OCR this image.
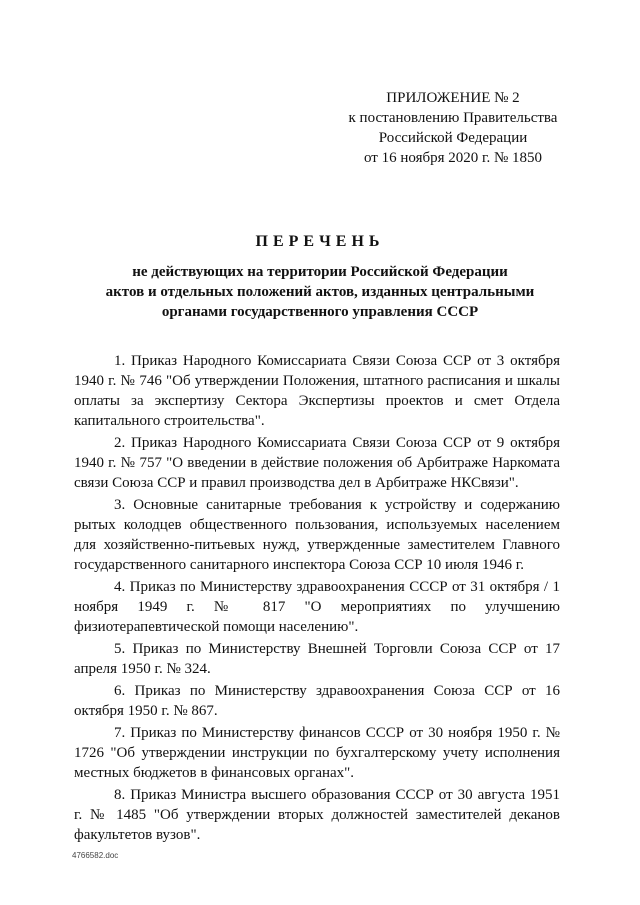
ПРИЛОЖЕНИЕ № 2
к постановлению Правительства
Российской Федерации
от 16 ноября 2020 г. № 1850
ПЕРЕЧЕНЬ
не действующих на территории Российской Федерации
актов и отдельных положений актов, изданных центральными
органами государственного управления СССР

1. Приказ Народного Комиссариата Связи Союза ССР от 3 октября 1940 г. № 746 "Об утверждении Положения, штатного расписания и шкалы оплаты за экспертизу Сектора Экспертизы проектов и смет Отдела капитального строительства".

2. Приказ Народного Комиссариата Связи Союза ССР от 9 октября 1940 г. № 757 "О введении в действие положения об Арбитраже Наркомата связи Союза ССР и правил производства дел в Арбитраже НКСвязи".

3. Основные санитарные требования к устройству и содержанию рытых колодцев общественного пользования, используемых населением для хозяйственно-питьевых нужд, утвержденные заместителем Главного государственного санитарного инспектора Союза ССР 10 июля 1946 г.

4. Приказ по Министерству здравоохранения СССР от 31 октября / 1 ноября 1949 г. № 817 "О мероприятиях по улучшению физиотерапевтической помощи населению".

5. Приказ по Министерству Внешней Торговли Союза ССР от 17 апреля 1950 г. № 324.

6. Приказ по Министерству здравоохранения Союза ССР от 16 октября 1950 г. № 867.

7. Приказ по Министерству финансов СССР от 30 ноября 1950 г. № 1726 "Об утверждении инструкции по бухгалтерскому учету исполнения местных бюджетов в финансовых органах".

8. Приказ Министра высшего образования СССР от 30 августа 1951 г. № 1485 "Об утверждении вторых должностей заместителей деканов факультетов вузов".

4766582.doc
